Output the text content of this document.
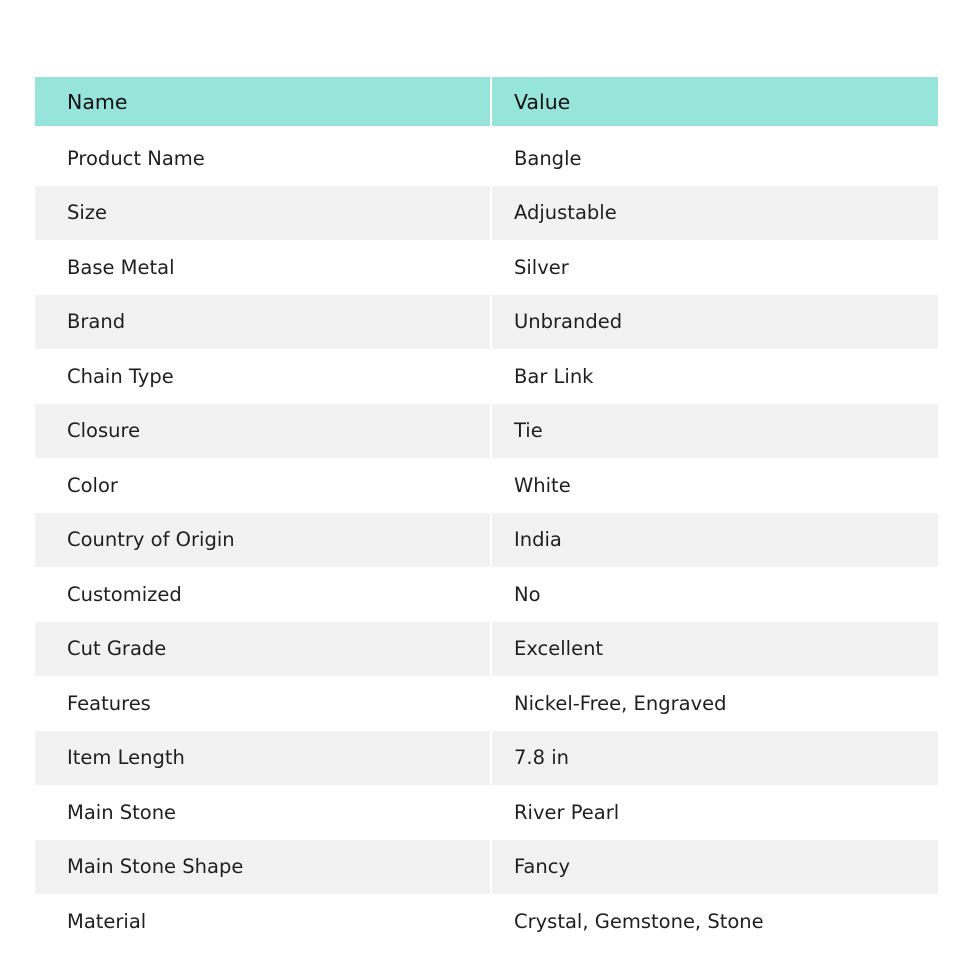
Name	Value
Product Name	Bangle
Size	Adjustable
Base Metal	Silver
Brand	Unbranded
Chain Type	Bar Link
Closure	Tie
Color	White
Country of Origin	India
Customized	No
Cut Grade	Excellent
Features	Nickel-Free, Engraved
Item Length	7.8 in
Main Stone	River Pearl
Main Stone Shape	Fancy
Material	Crystal, Gemstone, Stone
